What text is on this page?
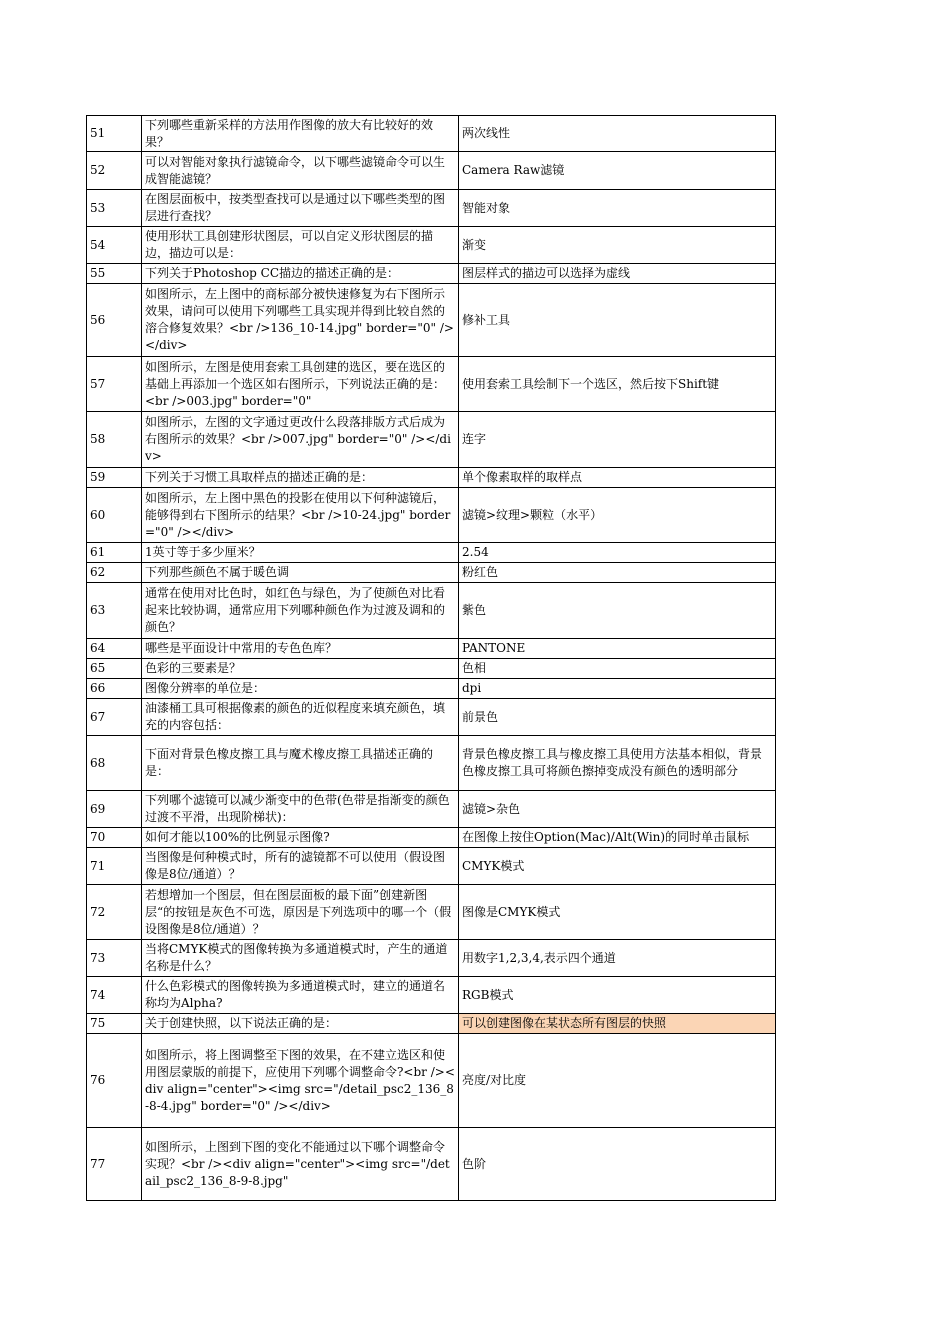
51	下列哪些重新采样的方法用作图像的放大有比较好的效果？	两次线性

52	可以对智能对象执行滤镜命令，以下哪些滤镜命令可以生成智能滤镜？	Camera Raw滤镜

53	在图层面板中，按类型查找可以是通过以下哪些类型的图层进行查找？	智能对象

54	使用形状工具创建形状图层，可以自定义形状图层的描边，描边可以是：	渐变

55	下列关于Photoshop CC描边的描述正确的是：	图层样式的描边可以选择为虚线

56	如图所示，左上图中的商标部分被快速修复为右下图所示效果，请问可以使用下列哪些工具实现并得到比较自然的溶合修复效果？<br />136_10-14.jpg" border="0" /></div>	修补工具

57	如图所示，左图是使用套索工具创建的选区，要在选区的基础上再添加一个选区如右图所示，下列说法正确的是：<br />003.jpg" border="0"	使用套索工具绘制下一个选区，然后按下Shift键

58	如图所示，左图的文字通过更改什么段落排版方式后成为右图所示的效果？<br />007.jpg" border="0" /></div>	连字

59	下列关于习惯工具取样点的描述正确的是：	单个像素取样的取样点

60	如图所示，左上图中黑色的投影在使用以下何种滤镜后，能够得到右下图所示的结果？<br />10-24.jpg" border="0" /></div>	滤镜>纹理>颗粒（水平）

61	1英寸等于多少厘米？	2.54

62	下列那些颜色不属于暖色调	粉红色

63	通常在使用对比色时，如红色与绿色，为了使颜色对比看起来比较协调，通常应用下列哪种颜色作为过渡及调和的颜色？	紫色

64	哪些是平面设计中常用的专色色库？	PANTONE

65	色彩的三要素是？	色相

66	图像分辨率的单位是：	dpi

67	油漆桶工具可根据像素的颜色的近似程度来填充颜色，填充的内容包括：	前景色

68	下面对背景色橡皮擦工具与魔术橡皮擦工具描述正确的是：	背景色橡皮擦工具与橡皮擦工具使用方法基本相似，背景色橡皮擦工具可将颜色擦掉变成没有颜色的透明部分

69	下列哪个滤镜可以减少渐变中的色带(色带是指渐变的颜色过渡不平滑，出现阶梯状)：	滤镜>杂色

70	如何才能以100%的比例显示图像?	在图像上按住Option(Mac)/Alt(Win)的同时单击鼠标

71	当图像是何种模式时，所有的滤镜都不可以使用（假设图像是8位/通道）？	CMYK模式

72	若想增加一个图层，但在图层面板的最下面”创建新图层“的按钮是灰色不可选，原因是下列选项中的哪一个（假设图像是8位/通道）？	图像是CMYK模式

73	当将CMYK模式的图像转换为多通道模式时，产生的通道名称是什么？	用数字1,2,3,4,表示四个通道

74	什么色彩模式的图像转换为多通道模式时，建立的通道名称均为Alpha?	RGB模式

75	关于创建快照，以下说法正确的是：	可以创建图像在某状态所有图层的快照

76	如图所示，将上图调整至下图的效果，在不建立选区和使用图层蒙版的前提下，应使用下列哪个调整命令?<br /><div align="center"><img src="/detail_psc2_136_8-8-4.jpg" border="0" /></div>	亮度/对比度

77	如图所示，上图到下图的变化不能通过以下哪个调整命令实现？<br /><div align="center"><img src="/detail_psc2_136_8-9-8.jpg"	色阶
